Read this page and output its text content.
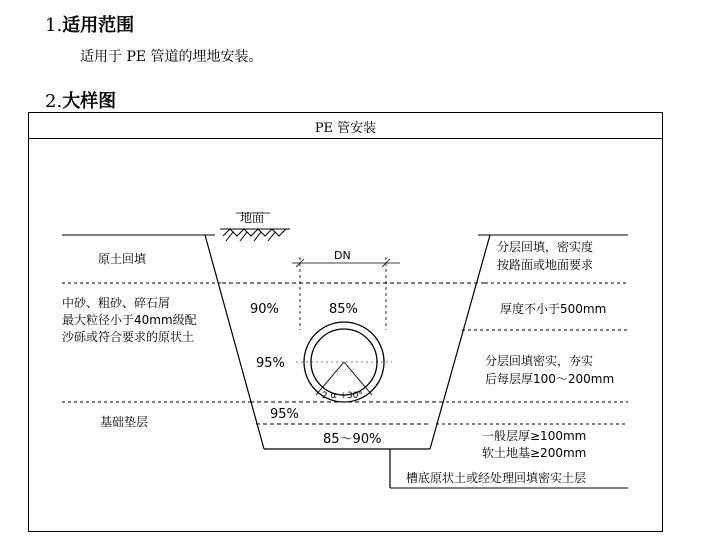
1.适用范围
适用于 PE 管道的埋地安装。
2.大样图
PE 管安装
地面
DN
2 α +30°
90%	85%
95%
95%
85～90%
原土回填
中砂、粗砂、碎石屑
最大粒径小于40mm级配
沙砾或符合要求的原状土
基础垫层
分层回填，密实度
按路面或地面要求
厚度不小于500mm
分层回填密实，夯实
后每层厚100～200mm
一般层厚≥100mm
软土地基≥200mm
槽底原状土或经处理回填密实土层
